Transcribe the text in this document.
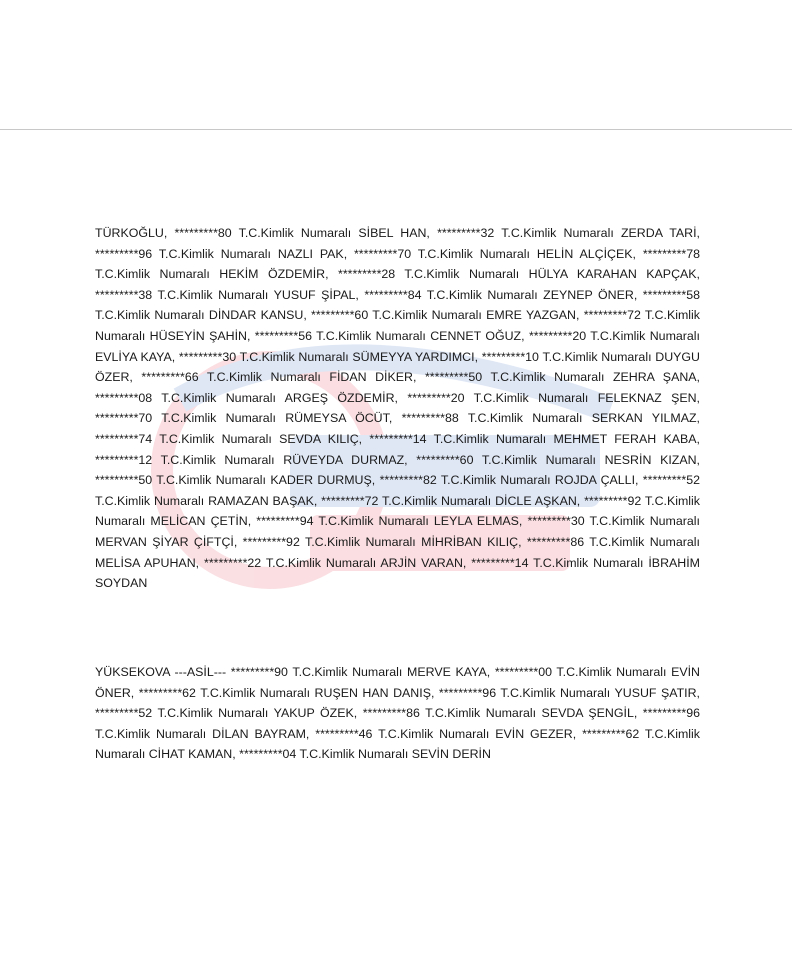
TÜRKOĞLU, *********80 T.C.Kimlik Numaralı SİBEL HAN, *********32 T.C.Kimlik Numaralı ZERDA TARİ, *********96 T.C.Kimlik Numaralı NAZLI PAK, *********70 T.C.Kimlik Numaralı HELİN ALÇİÇEK, *********78 T.C.Kimlik Numaralı HEKİM ÖZDEMİR, *********28 T.C.Kimlik Numaralı HÜLYA KARAHAN KAPÇAK, *********38 T.C.Kimlik Numaralı YUSUF ŞİPAL, *********84 T.C.Kimlik Numaralı ZEYNEP ÖNER, *********58 T.C.Kimlik Numaralı DİNDAR KANSU, *********60 T.C.Kimlik Numaralı EMRE YAZGAN, *********72 T.C.Kimlik Numaralı HÜSEYİN ŞAHİN, *********56 T.C.Kimlik Numaralı CENNET OĞUZ, *********20 T.C.Kimlik Numaralı EVLİYA KAYA, *********30 T.C.Kimlik Numaralı SÜMEYYA YARDIMCI, *********10 T.C.Kimlik Numaralı DUYGU ÖZER, *********66 T.C.Kimlik Numaralı FİDAN DİKER, *********50 T.C.Kimlik Numaralı ZEHRA ŞANA, *********08 T.C.Kimlik Numaralı ARGEŞ ÖZDEMİR, *********20 T.C.Kimlik Numaralı FELEKNAZ ŞEN, *********70 T.C.Kimlik Numaralı RÜMEYSA ÖCÜT, *********88 T.C.Kimlik Numaralı SERKAN YILMAZ, *********74 T.C.Kimlik Numaralı SEVDA KILIÇ, *********14 T.C.Kimlik Numaralı MEHMET FERAH KABA, *********12 T.C.Kimlik Numaralı RÜVEYDA DURMAZ, *********60 T.C.Kimlik Numaralı NESRİN KIZAN, *********50 T.C.Kimlik Numaralı KADER DURMUŞ, *********82 T.C.Kimlik Numaralı ROJDA ÇALLI, *********52 T.C.Kimlik Numaralı RAMAZAN BAŞAK, *********72 T.C.Kimlik Numaralı DİCLE AŞKAN, *********92 T.C.Kimlik Numaralı MELİCAN ÇETİN, *********94 T.C.Kimlik Numaralı LEYLA ELMAS, *********30 T.C.Kimlik Numaralı MERVAN ŞİYAR ÇİFTÇİ, *********92 T.C.Kimlik Numaralı MİHRİBAN KILIÇ, *********86 T.C.Kimlik Numaralı MELİSA APUHAN, *********22 T.C.Kimlik Numaralı ARJİN VARAN, *********14 T.C.Kimlik Numaralı İBRAHİM SOYDAN

YÜKSEKOVA ---ASİL--- *********90 T.C.Kimlik Numaralı MERVE KAYA, *********00 T.C.Kimlik Numaralı EVİN ÖNER, *********62 T.C.Kimlik Numaralı RUŞEN HAN DANIŞ, *********96 T.C.Kimlik Numaralı YUSUF ŞATIR, *********52 T.C.Kimlik Numaralı YAKUP ÖZEK, *********86 T.C.Kimlik Numaralı SEVDA ŞENGİL, *********96 T.C.Kimlik Numaralı DİLAN BAYRAM, *********46 T.C.Kimlik Numaralı EVİN GEZER, *********62 T.C.Kimlik Numaralı CİHAT KAMAN, *********04 T.C.Kimlik Numaralı SEVİN DERİN
